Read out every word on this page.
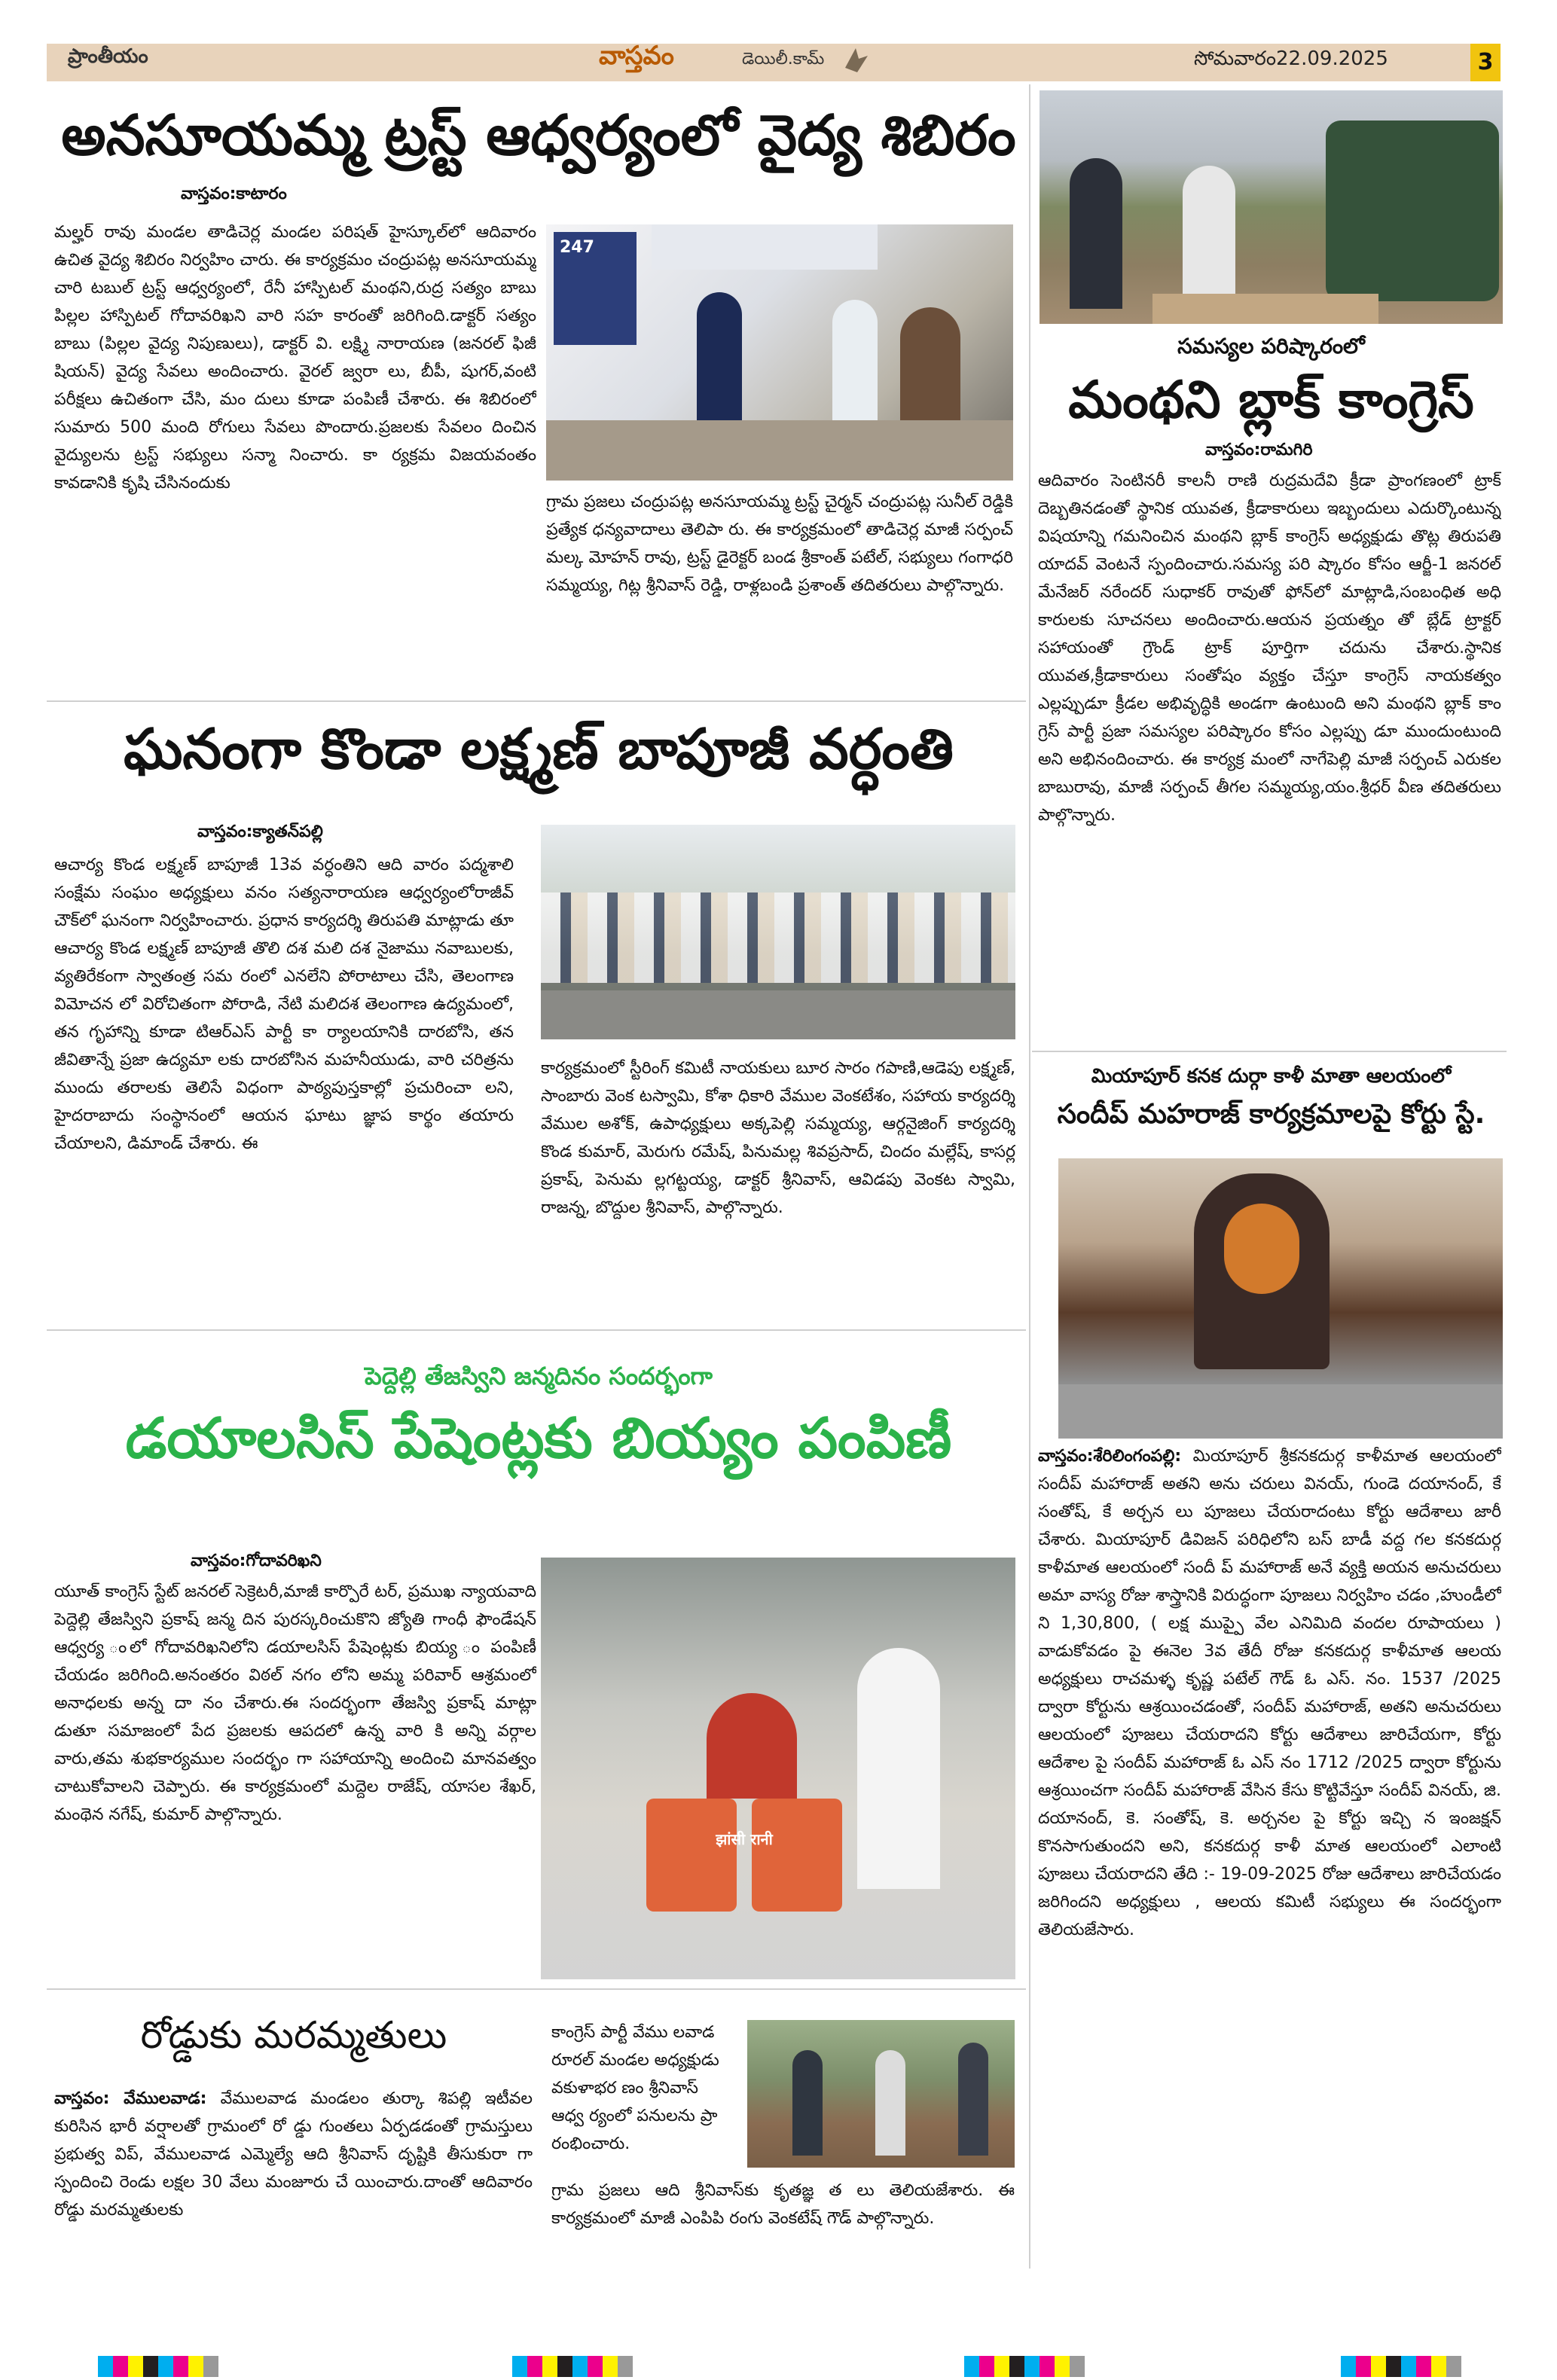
ప్రాంతీయం	వాస్తవం	డెయిలీ.కామ్	సోమవారం22.09.2025	3
అనసూయమ్మ ట్రస్ట్ ఆధ్వర్యంలో వైద్య శిబిరం
వాస్తవం:కాటారం
మల్హర్ రావు మండల తాడిచెర్ల మండల పరిషత్ హైస్కూల్‌లో ఆదివారం ఉచిత వైద్య శిబిరం నిర్వహిం చారు. ఈ కార్యక్రమం చంద్రుపట్ల అనసూయమ్మ చారి టబుల్ ట్రస్ట్ ఆధ్వర్యంలో, రేనీ హాస్పిటల్ మంథని,రుద్ర సత్యం బాబు పిల్లల హాస్పిటల్ గోదావరిఖని వారి సహ కారంతో జరిగింది.డాక్టర్ సత్యం బాబు (పిల్లల వైద్య నిపుణులు), డాక్టర్ వి. లక్ష్మి నారాయణ (జనరల్ ఫిజీ షియన్) వైద్య సేవలు అందించారు. వైరల్ జ్వరా లు, బీపీ, షుగర్,వంటి పరీక్షలు ఉచితంగా చేసి, మం దులు కూడా పంపిణీ చేశారు. ఈ శిబిరంలో సుమారు 500 మంది రోగులు సేవలు పొందారు.ప్రజలకు సేవలం దించిన వైద్యులను ట్రస్ట్ సభ్యులు సన్మా నించారు. కా ర్యక్రమ విజయవంతం కావడానికి కృషి చేసినందుకు
247
గ్రామ ప్రజలు చంద్రుపట్ల అనసూయమ్మ ట్రస్ట్ చైర్మన్ చంద్రుపట్ల సునీల్ రెడ్డికి ప్రత్యేక ధన్యవాదాలు తెలిపా రు. ఈ కార్యక్రమంలో తాడిచెర్ల మాజీ సర్పంచ్ మల్క మోహన్ రావు, ట్రస్ట్ డైరెక్టర్ బండ శ్రీకాంత్ పటేల్, సభ్యులు గంగాధరి సమ్మయ్య, గిట్ల శ్రీనివాస్ రెడ్డి, రాళ్లబండి ప్రశాంత్ తదితరులు పాల్గొన్నారు.
సమస్యల పరిష్కారంలో
మంథని బ్లాక్ కాంగ్రెస్
వాస్తవం:రామగిరి
ఆదివారం సెంటినరీ కాలనీ రాణి రుద్రమదేవి క్రీడా ప్రాంగణంలో ట్రాక్ దెబ్బతినడంతో స్థానిక యువత, క్రీడాకారులు ఇబ్బందులు ఎదుర్కొంటున్న విషయాన్ని గమనించిన మంథని బ్లాక్ కాంగ్రెస్ అధ్యక్షుడు తొట్ల తిరుపతి యాదవ్ వెంటనే స్పందించారు.సమస్య పరి ష్కారం కోసం ఆర్జీ-1 జనరల్ మేనేజర్ నరేందర్ సుధాకర్ రావుతో ఫోన్‌లో మాట్లాడి,సంబంధిత అధి కారులకు సూచనలు అందించారు.ఆయన ప్రయత్నం తో బ్లేడ్ ట్రాక్టర్ సహాయంతో గ్రౌండ్ ట్రాక్ పూర్తిగా చదును చేశారు.స్థానిక యువత,క్రీడాకారులు సంతోషం వ్యక్తం చేస్తూ కాంగ్రెస్ నాయకత్వం ఎల్లప్పుడూ క్రీడల అభివృద్ధికి అండగా ఉంటుంది అని మంథని బ్లాక్ కాం గ్రెస్ పార్టీ ప్రజా సమస్యల పరిష్కారం కోసం ఎల్లప్పు డూ ముందుంటుంది అని అభినందించారు. ఈ కార్యక్ర మంలో నాగేపెల్లి మాజీ సర్పంచ్ ఎరుకల బాబురావు, మాజీ సర్పంచ్ తీగల సమ్మయ్య,యం.శ్రీధర్ వీణ తదితరులు పాల్గొన్నారు.
ఘనంగా కొండా లక్ష్మణ్ బాపూజీ వర్ధంతి
వాస్తవం:క్యాతన్‌పల్లి
ఆచార్య కొండ లక్ష్మణ్ బాపూజీ 13వ వర్ధంతిని ఆది వారం పద్మశాలి సంక్షేమ సంఘం అధ్యక్షులు వనం సత్యనారాయణ ఆధ్వర్యంలోరాజీవ్ చౌక్‌లో ఘనంగా నిర్వహించారు. ప్రధాన కార్యదర్శి తిరుపతి మాట్లాడు తూ ఆచార్య కొండ లక్ష్మణ్ బాపూజీ తొలి దశ మలి దశ నైజాము నవాబులకు, వ్యతిరేకంగా స్వాతంత్ర సమ రంలో ఎనలేని పోరాటాలు చేసి, తెలంగాణ విమోచన లో విరోచితంగా పోరాడి, నేటి మలిదశ తెలంగాణ ఉద్యమంలో, తన గృహాన్ని కూడా టిఆర్ఎస్ పార్టీ కా ర్యాలయానికి దారబోసి, తన జీవితాన్నే ప్రజా ఉద్యమా లకు దారబోసిన మహనీయుడు, వారి చరిత్రను ముందు తరాలకు తెలిసే విధంగా పాఠ్యపుస్తకాల్లో ప్రచురించా లని, హైదరాబాదు సంస్థానంలో ఆయన ఘాటు జ్ఞాప కార్థం తయారు చేయాలని, డిమాండ్ చేశారు. ఈ
కార్యక్రమంలో స్టీరింగ్ కమిటీ నాయకులు బూర సారం గపాణి,ఆడెపు లక్ష్మణ్, సాంబారు వెంక టస్వామి, కోశా ధికారి వేముల వెంకటేశం, సహాయ కార్యదర్శి వేముల అశోక్, ఉపాధ్యక్షులు అక్కపెల్లి సమ్మయ్య, ఆర్గనైజింగ్ కార్యదర్శి కొండ కుమార్, మెరుగు రమేష్, పినుమల్ల శివప్రసాద్, చిందం మల్లేష్, కాసర్ల ప్రకాష్, పెనుమ ల్లగట్టయ్య, డాక్టర్ శ్రీనివాస్, ఆవిడపు వెంకట స్వామి, రాజన్న, బొద్దుల శ్రీనివాస్, పాల్గొన్నారు.
మియాపూర్ కనక దుర్గా కాళీ మాతా ఆలయంలో
సందీప్ మహరాజ్ కార్యక్రమాలపై కోర్టు స్టే.
వాస్తవం:శేరిలింగంపల్లి: మియాపూర్ శ్రీకనకదుర్గ కాళీమాత ఆలయంలో సందీప్ మహారాజ్ అతని అను చరులు వినయ్, గుండె దయానంద్, కే సంతోష్, కే అర్చన లు పూజలు చేయరాదంటు కోర్టు ఆదేశాలు జారీ చేశారు. మియాపూర్ డివిజన్ పరిధిలోని బస్ బాడీ వద్ద గల కనకదుర్గ కాళీమాత ఆలయంలో సందీ ప్ మహారాజ్ అనే వ్యక్తి అయన అనుచరులు అమా వాస్య రోజు శాస్త్రానికి విరుద్ధంగా పూజలు నిర్వహిం చడం ,హుండీలో ని 1,30,800, ( లక్ష ముప్పై వేల ఎనిమిది వందల రూపాయలు ) వాడుకోవడం పై ఈనెల 3వ తేదీ రోజు కనకదుర్గ కాళీమాత ఆలయ అధ్యక్షులు రాచమళ్ళ కృష్ణ పటేల్ గౌడ్ ఓ ఎస్. నం. 1537 /2025 ద్వారా కోర్టును ఆశ్రయించడంతో, సందీప్ మహారాజ్, అతని అనుచరులు ఆలయంలో పూజలు చేయరాదని కోర్టు ఆదేశాలు జారిచేయగా, కోర్టు ఆదేశాల పై సందీప్ మహారాజ్ ఓ ఎస్ నం 1712 /2025 ద్వారా కోర్టును ఆశ్రయించగా సందీప్ మహారాజ్ వేసిన కేసు కొట్టివేస్తూ సందీప్ వినయ్, జి. దయానంద్, కె. సంతోష్, కె. అర్చనల పై కోర్టు ఇచ్చి న ఇంజక్షన్ కొనసాగుతుందని అని, కనకదుర్గ కాళీ మాత ఆలయంలో ఎలాంటి పూజలు చేయరాదని తేది :- 19-09-2025 రోజు ఆదేశాలు జారిచేయడం జరిగిందని అధ్యక్షులు , ఆలయ కమిటీ సభ్యులు ఈ సందర్భంగా తెలియజేసారు.
పెద్దెల్లి తేజస్విని జన్మదినం సందర్భంగా
డయాలసిస్ పేషెంట్లకు బియ్యం పంపిణీ
వాస్తవం:గోదావరిఖని
యూత్ కాంగ్రెస్ స్టేట్ జనరల్ సెక్రెటరీ,మాజీ కార్పొరే టర్, ప్రముఖ న్యాయవాది పెద్దెల్లి తేజస్విని ప్రకాష్ జన్మ దిన పురస్కరించుకొని జ్యోతి గాంధీ ఫౌండేషన్ ఆధ్వర్య ంలో గోదావరిఖనిలోని డయాలసిస్ పేషెంట్లకు బియ్య ం పంపిణీ చేయడం జరిగింది.అనంతరం విఠల్ నగం లోని అమ్మ పరివార్ ఆశ్రమంలో అనాధలకు అన్న దా నం చేశారు.ఈ సందర్భంగా తేజస్వి ప్రకాష్ మాట్లా డుతూ సమాజంలో పేద ప్రజలకు ఆపదలో ఉన్న వారి కి అన్ని వర్గాల వారు,తమ శుభకార్యముల సందర్భం గా సహాయాన్ని అందించి మానవత్వం చాటుకోవాలని చెప్పారు. ఈ కార్యక్రమంలో మద్దెల రాజేష్, యాసల శేఖర్, మంథెన నగేష్, కుమార్ పాల్గొన్నారు.
झांसी रानी
రోడ్డుకు మరమ్మతులు
వాస్తవం: వేములవాడ: వేములవాడ మండలం తుర్కా శిపల్లి ఇటీవల కురిసిన భారీ వర్షాలతో గ్రామంలో రో డ్డు గుంతలు ఏర్పడడంతో గ్రామస్తులు ప్రభుత్వ విప్, వేములవాడ ఎమ్మెల్యే ఆది శ్రీనివాస్ దృష్టికి తీసుకురా గా స్పందించి రెండు లక్షల 30 వేలు మంజూరు చే యించారు.దాంతో ఆదివారం రోడ్డు మరమ్మతులకు
కాంగ్రెస్ పార్టీ వేము లవాడ రూరల్ మండల అధ్యక్షుడు వకుళాభర ణం శ్రీనివాస్ ఆధ్వ ర్యంలో పనులను ప్రా రంభించారు.
గ్రామ ప్రజలు ఆది శ్రీనివాస్‌కు కృతజ్ఞ త లు తెలియజేశారు. ఈ కార్యక్రమంలో మాజీ ఎంపిపి రంగు వెంకటేష్ గౌడ్ పాల్గొన్నారు.
